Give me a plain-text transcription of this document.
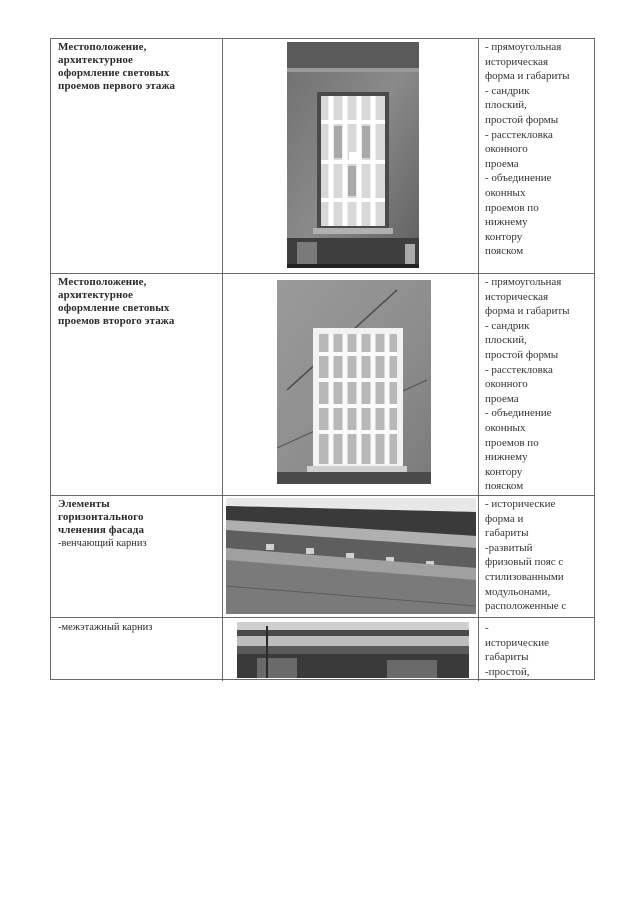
Местоположение,
архитектурное
оформление световых
проемов первого этажа
- прямоугольная
историческая
форма и габариты
- сандрик
плоский,
простой формы
- расстекловка
оконного
проема
- объединение
оконных
проемов по
нижнему
контору
пояском
Местоположение,
архитектурное
оформление световых
проемов второго этажа
- прямоугольная
историческая
форма и габариты
- сандрик
плоский,
простой формы
- расстекловка
оконного
проема
- объединение
оконных
проемов по
нижнему
контору
пояском
Элементы
горизонтального
членения фасада
-венчающий карниз
- исторические
форма и
габариты
-развитый
фризовый пояс с
стилизованными
модульонами,
расположенные с
-межэтажный карниз	-
исторические
габариты
-простой,
